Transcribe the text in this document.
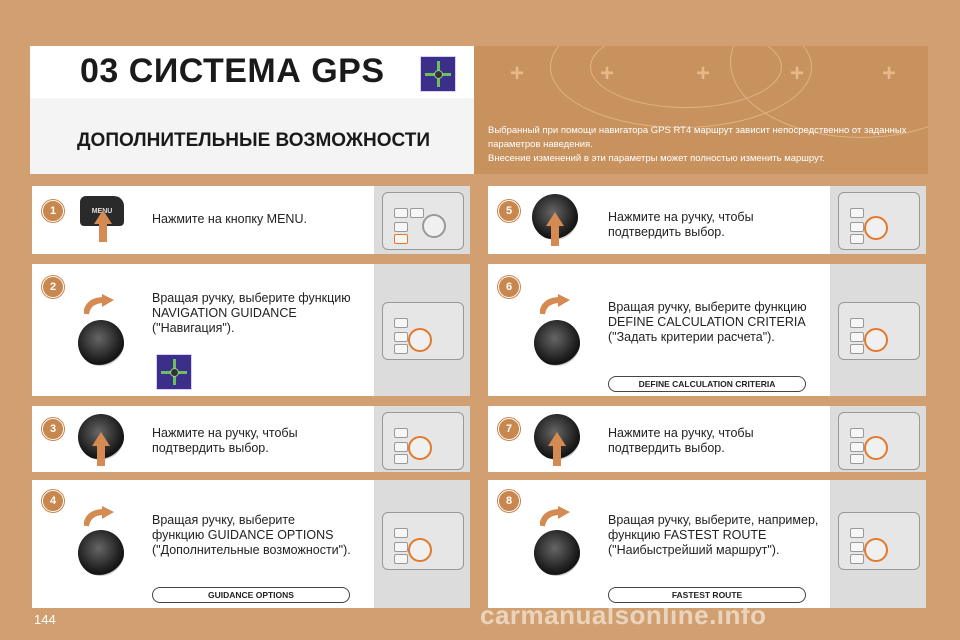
+	+	+	+	+
03 СИСТЕМА GPS
ДОПОЛНИТЕЛЬНЫЕ ВОЗМОЖНОСТИ	Выбранный при помощи навигатора GPS RT4 маршрут зависит непосредственно от заданных параметров наведения.
Внесение изменений в эти параметры может полностью изменить маршрут.
1	MENU
Нажмите на кнопку MENU.
2
Вращая ручку, выберите функцию
NAVIGATION GUIDANCE
("Навигация").
3	Нажмите на ручку, чтобы
подтвердить выбор.
4
Вращая ручку, выберите
функцию GUIDANCE OPTIONS
("Дополнительные возможности").
GUIDANCE OPTIONS
5	Нажмите на ручку, чтобы
подтвердить выбор.
6
Вращая ручку, выберите функцию
DEFINE CALCULATION CRITERIA
("Задать критерии расчета").
DEFINE CALCULATION CRITERIA
7	Нажмите на ручку, чтобы
подтвердить выбор.
8
Вращая ручку, выберите, например,
функцию FASTEST ROUTE
("Наибыстрейший маршрут").
FASTEST ROUTE
144	carmanualsonline.info
